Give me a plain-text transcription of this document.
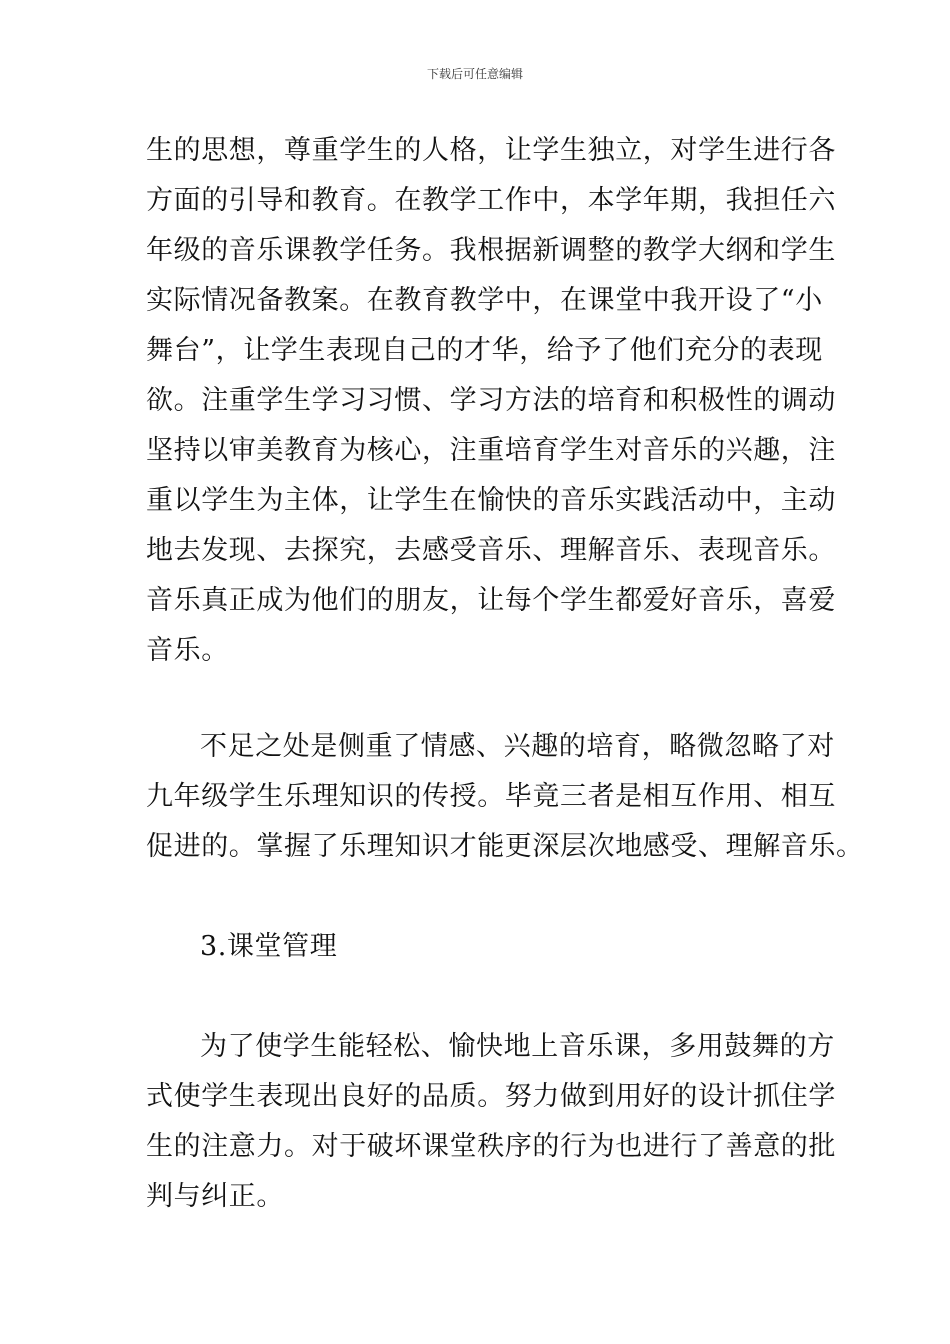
下载后可任意编辑
生的思想，尊重学生的人格，让学生独立，对学生进行各
方面的引导和教育。在教学工作中，本学年期，我担任六
年级的音乐课教学任务。我根据新调整的教学大纲和学生
实际情况备教案。在教育教学中，在课堂中我开设了“小
舞台”，让学生表现自己的才华，给予了他们充分的表现
欲。注重学生学习习惯、学习方法的培育和积极性的调动
坚持以审美教育为核心，注重培育学生对音乐的兴趣，注
重以学生为主体，让学生在愉快的音乐实践活动中，主动
地去发现、去探究，去感受音乐、理解音乐、表现音乐。
音乐真正成为他们的朋友，让每个学生都爱好音乐，喜爱
音乐。
不足之处是侧重了情感、兴趣的培育，略微忽略了对
九年级学生乐理知识的传授。毕竟三者是相互作用、相互
促进的。掌握了乐理知识才能更深层次地感受、理解音乐。
3.课堂管理
为了使学生能轻松、愉快地上音乐课，多用鼓舞的方
式使学生表现出良好的品质。努力做到用好的设计抓住学
生的注意力。对于破坏课堂秩序的行为也进行了善意的批
判与纠正。
